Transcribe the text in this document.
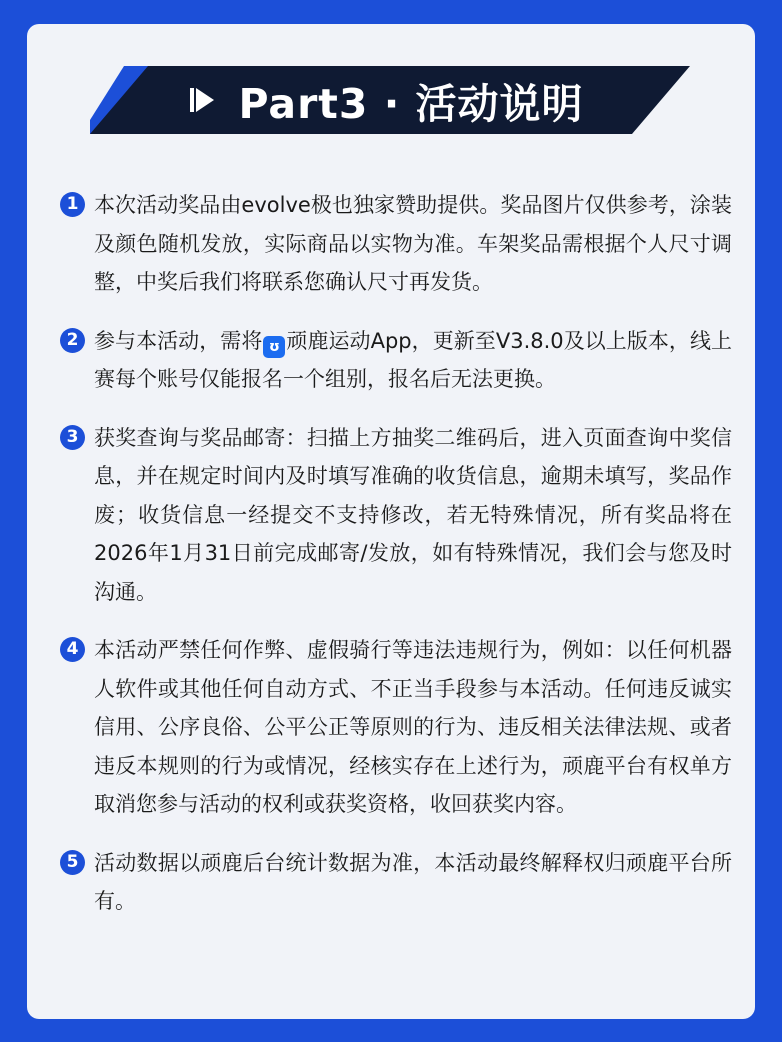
Part3 · 活动说明
1 本次活动奖品由evolve极也独家赞助提供。奖品图片仅供参考，涂装及颜色随机发放，实际商品以实物为准。车架奖品需根据个人尺寸调整，中奖后我们将联系您确认尺寸再发货。
2 参与本活动，需将 ʊ 顽鹿运动App，更新至V3.8.0及以上版本，线上赛每个账号仅能报名一个组别，报名后无法更换。
3 获奖查询与奖品邮寄：扫描上方抽奖二维码后，进入页面查询中奖信息，并在规定时间内及时填写准确的收货信息，逾期未填写，奖品作废；收货信息一经提交不支持修改，若无特殊情况，所有奖品将在2026年1月31日前完成邮寄/发放，如有特殊情况，我们会与您及时沟通。
4 本活动严禁任何作弊、虚假骑行等违法违规行为，例如：以任何机器人软件或其他任何自动方式、不正当手段参与本活动。任何违反诚实信用、公序良俗、公平公正等原则的行为、违反相关法律法规、或者违反本规则的行为或情况，经核实存在上述行为，顽鹿平台有权单方取消您参与活动的权利或获奖资格，收回获奖内容。
5 活动数据以顽鹿后台统计数据为准，本活动最终解释权归顽鹿平台所有。
